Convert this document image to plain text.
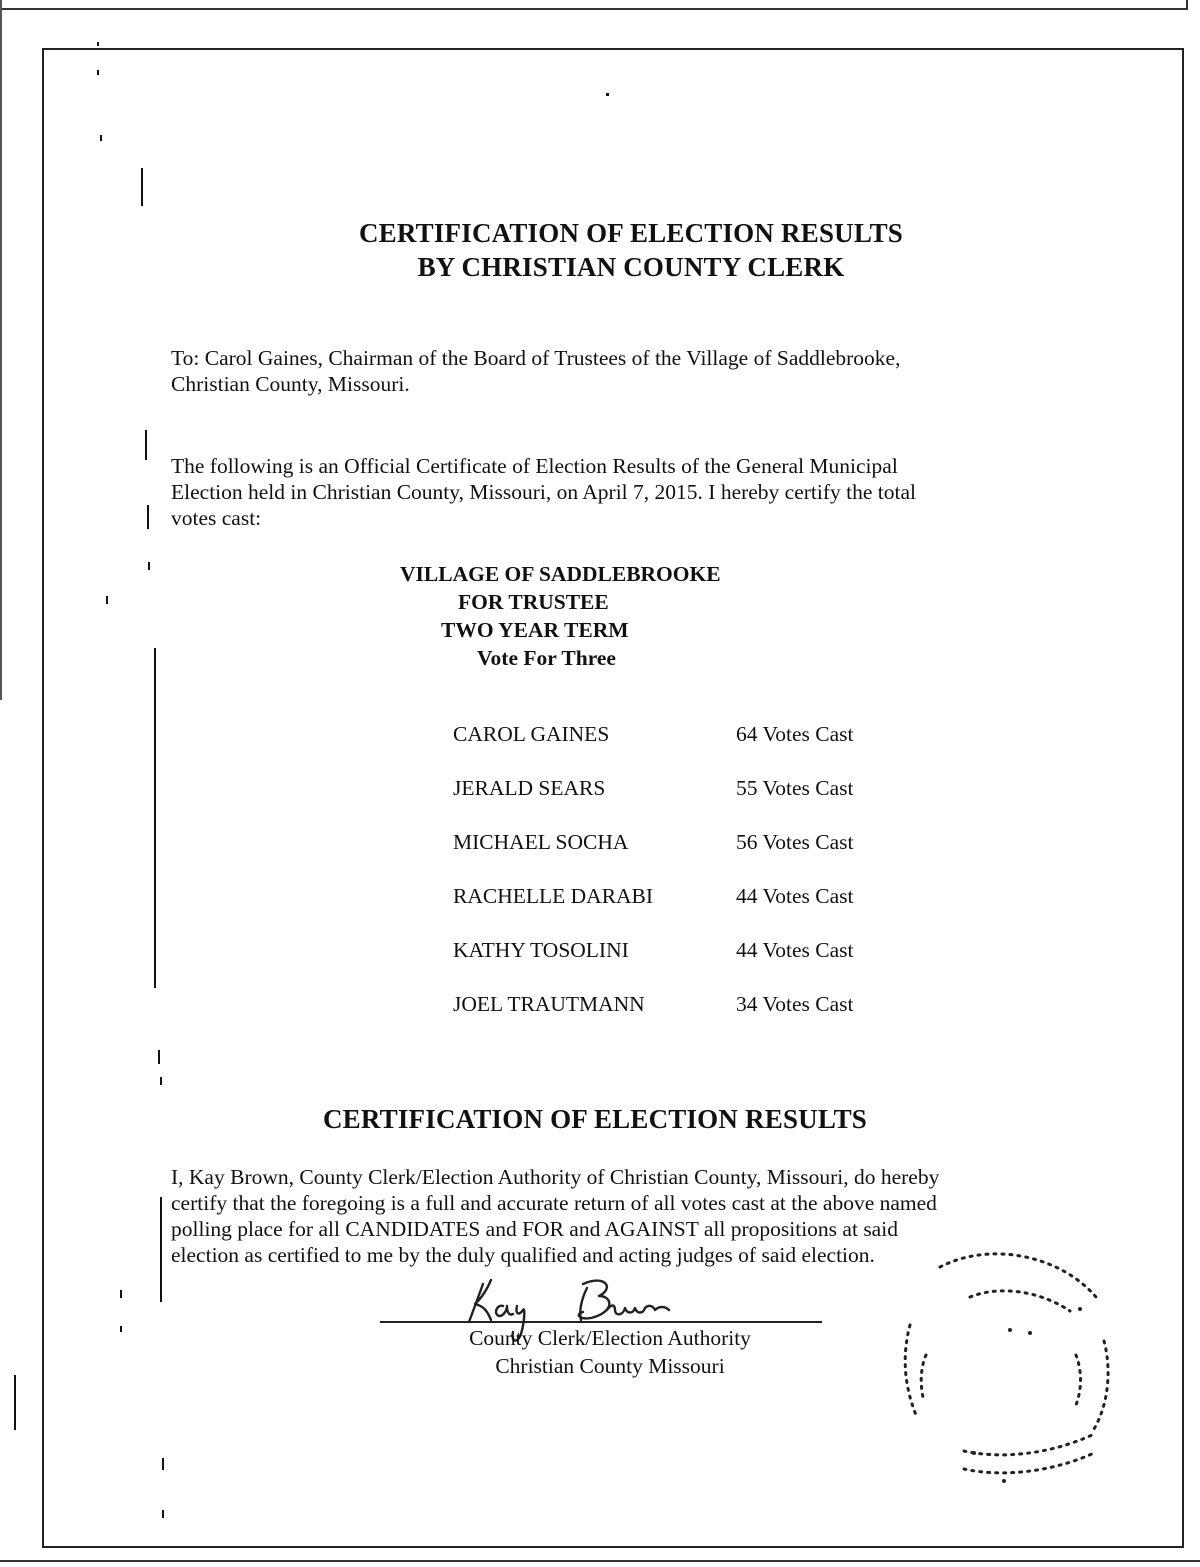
CERTIFICATION OF ELECTION RESULTS
BY CHRISTIAN COUNTY CLERK

To: Carol Gaines, Chairman of the Board of Trustees of the Village of Saddlebrooke,

Christian County, Missouri.

The following is an Official Certificate of Election Results of the General Municipal

Election held in Christian County, Missouri, on April 7, 2015. I hereby certify the total

votes cast:

VILLAGE OF SADDLEBROOKE
FOR TRUSTEE
TWO YEAR TERM
Vote For Three
CAROL GAINES	64 Votes Cast
JERALD SEARS	55 Votes Cast
MICHAEL SOCHA	56 Votes Cast
RACHELLE DARABI	44 Votes Cast
KATHY TOSOLINI	44 Votes Cast
JOEL TRAUTMANN	34 Votes Cast
CERTIFICATION OF ELECTION RESULTS

I, Kay Brown, County Clerk/Election Authority of Christian County, Missouri, do hereby

certify that the foregoing is a full and accurate return of all votes cast at the above named

polling place for all CANDIDATES and FOR and AGAINST all propositions at said

election as certified to me by the duly qualified and acting judges of said election.

County Clerk/Election Authority
Christian County Missouri
